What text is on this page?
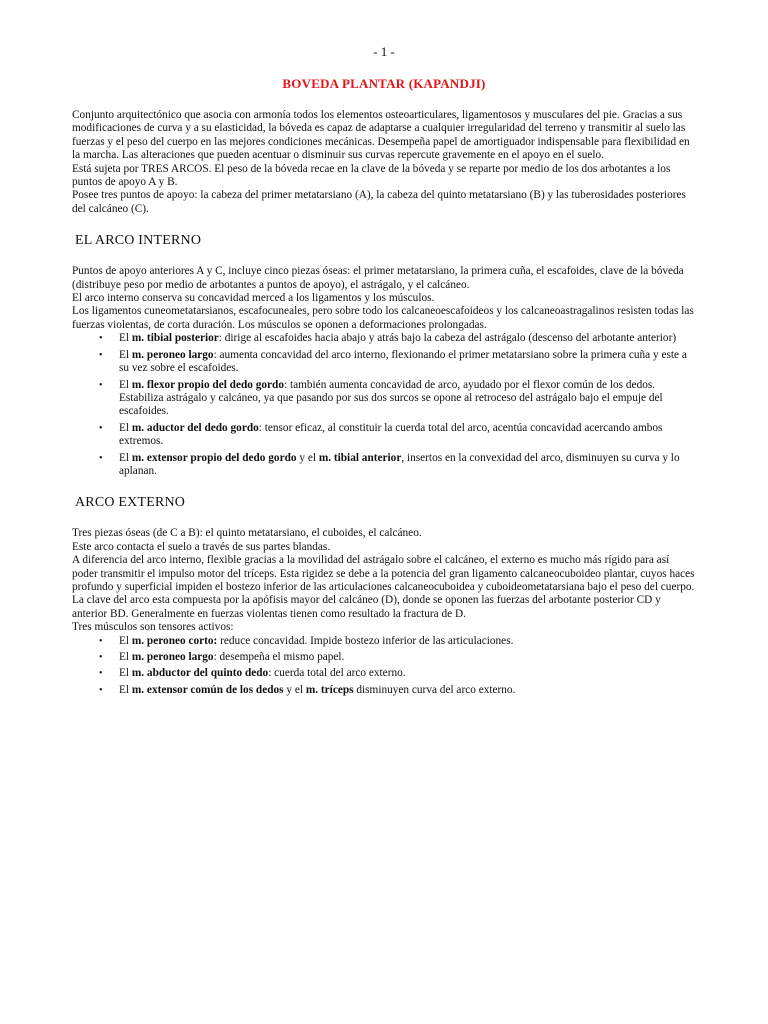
- 1 -
BOVEDA PLANTAR (KAPANDJI)

Conjunto arquitectónico que asocia con armonía todos los elementos osteoarticulares, ligamentosos y musculares del pie. Gracias a sus modificaciones de curva y a su elasticidad, la bóveda es capaz de adaptarse a cualquier irregularidad del terreno y transmitir al suelo las fuerzas y el peso del cuerpo en las mejores condiciones mecánicas. Desempeña papel de amortiguador indispensable para flexibilidad en la marcha. Las alteraciones que pueden acentuar o disminuir sus curvas repercute gravemente en el apoyo en el suelo.

Está sujeta por TRES ARCOS. El peso de la bóveda recae en la clave de la bóveda y se reparte por medio de los dos arbotantes a los puntos de apoyo A y B.

Posee tres puntos de apoyo: la cabeza del primer metatarsiano (A), la cabeza del quinto metatarsiano (B) y las tuberosidades posteriores del calcáneo (C).

EL ARCO INTERNO

Puntos de apoyo anteriores A y C, incluye cinco piezas óseas: el primer metatarsiano, la primera cuña, el escafoides, clave de la bóveda (distribuye peso por medio de arbotantes a puntos de apoyo), el astrágalo, y el calcáneo.

El arco interno conserva su concavidad merced a los ligamentos y los músculos.

Los ligamentos cuneometatarsianos, escafocuneales, pero sobre todo los calcaneoescafoideos y los calcaneoastragalinos resisten todas las fuerzas violentas, de corta duración. Los músculos se oponen a deformaciones prolongadas.

• El m. tibial posterior: dirige al escafoides hacia abajo y atrás bajo la cabeza del astrágalo (descenso del arbotante anterior)
• El m. peroneo largo: aumenta concavidad del arco interno, flexionando el primer metatarsiano sobre la primera cuña y este a su vez sobre el escafoides.
• El m. flexor propio del dedo gordo: también aumenta concavidad de arco, ayudado por el flexor común de los dedos. Estabiliza astrágalo y calcáneo, ya que pasando por sus dos surcos se opone al retroceso del astrágalo bajo el empuje del escafoides.
• El m. aductor del dedo gordo: tensor eficaz, al constituir la cuerda total del arco, acentúa concavidad acercando ambos extremos.
• El m. extensor propio del dedo gordo y el m. tibial anterior, insertos en la convexidad del arco, disminuyen su curva y lo aplanan.
ARCO EXTERNO

Tres piezas óseas (de C a B): el quinto metatarsiano, el cuboides, el calcáneo.

Este arco contacta el suelo a través de sus partes blandas.

A diferencia del arco interno, flexible gracias a la movilidad del astrágalo sobre el calcáneo, el externo es mucho más rígido para así poder transmitir el impulso motor del tríceps. Esta rigidez se debe a la potencia del gran ligamento calcaneocuboideo plantar, cuyos haces profundo y superficial impiden el bostezo inferior de las articulaciones calcaneocuboidea y cuboideometatarsiana bajo el peso del cuerpo.

La clave del arco esta compuesta por la apófisis mayor del calcáneo (D), donde se oponen las fuerzas del arbotante posterior CD y anterior BD. Generalmente en fuerzas violentas tienen como resultado la fractura de D.

Tres músculos son tensores activos:

• El m. peroneo corto: reduce concavidad. Impide bostezo inferior de las articulaciones.
• El m. peroneo largo: desempeña el mismo papel.
• El m. abductor del quinto dedo: cuerda total del arco externo.
• El m. extensor común de los dedos y el m. tríceps disminuyen curva del arco externo.
